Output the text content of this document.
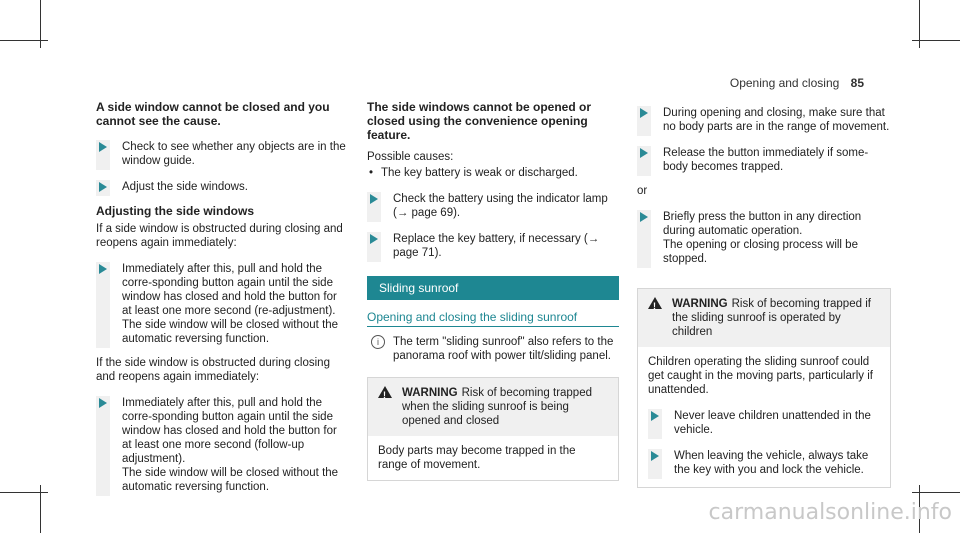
Opening and closing 85
A side window cannot be closed and you cannot see the cause.
Check to see whether any objects are in the window guide.
Adjust the side windows.
Adjusting the side windows

If a side window is obstructed during closing and reopens again immediately:

Immediately after this, pull and hold the corre-sponding button again until the side window has closed and hold the button for at least one more second (re-adjustment).
The side window will be closed without the automatic reversing function.

If the side window is obstructed during closing and reopens again immediately:

Immediately after this, pull and hold the corre-sponding button again until the side window has closed and hold the button for at least one more second (follow-up adjustment).
The side window will be closed without the automatic reversing function.
The side windows cannot be opened or closed using the convenience opening feature.
Possible causes:
• The key battery is weak or discharged.
Check the battery using the indicator lamp (→ page 69).
Replace the key battery, if necessary (→ page 71).
Sliding sunroof
Opening and closing the sliding sunroof
i	The term "sliding sunroof" also refers to the panorama roof with power tilt/sliding panel.
! WARNING Risk of becoming trapped when the sliding sunroof is being opened and closed
Body parts may become trapped in the range of movement.
During opening and closing, make sure that no body parts are in the range of movement.
Release the button immediately if some-body becomes trapped.
or
Briefly press the button in any direction during automatic operation.
The opening or closing process will be stopped.
! WARNING Risk of becoming trapped if the sliding sunroof is operated by children
Children operating the sliding sunroof could get caught in the moving parts, particularly if unattended.
Never leave children unattended in the vehicle.
When leaving the vehicle, always take the key with you and lock the vehicle.
carmanualsonline.info
